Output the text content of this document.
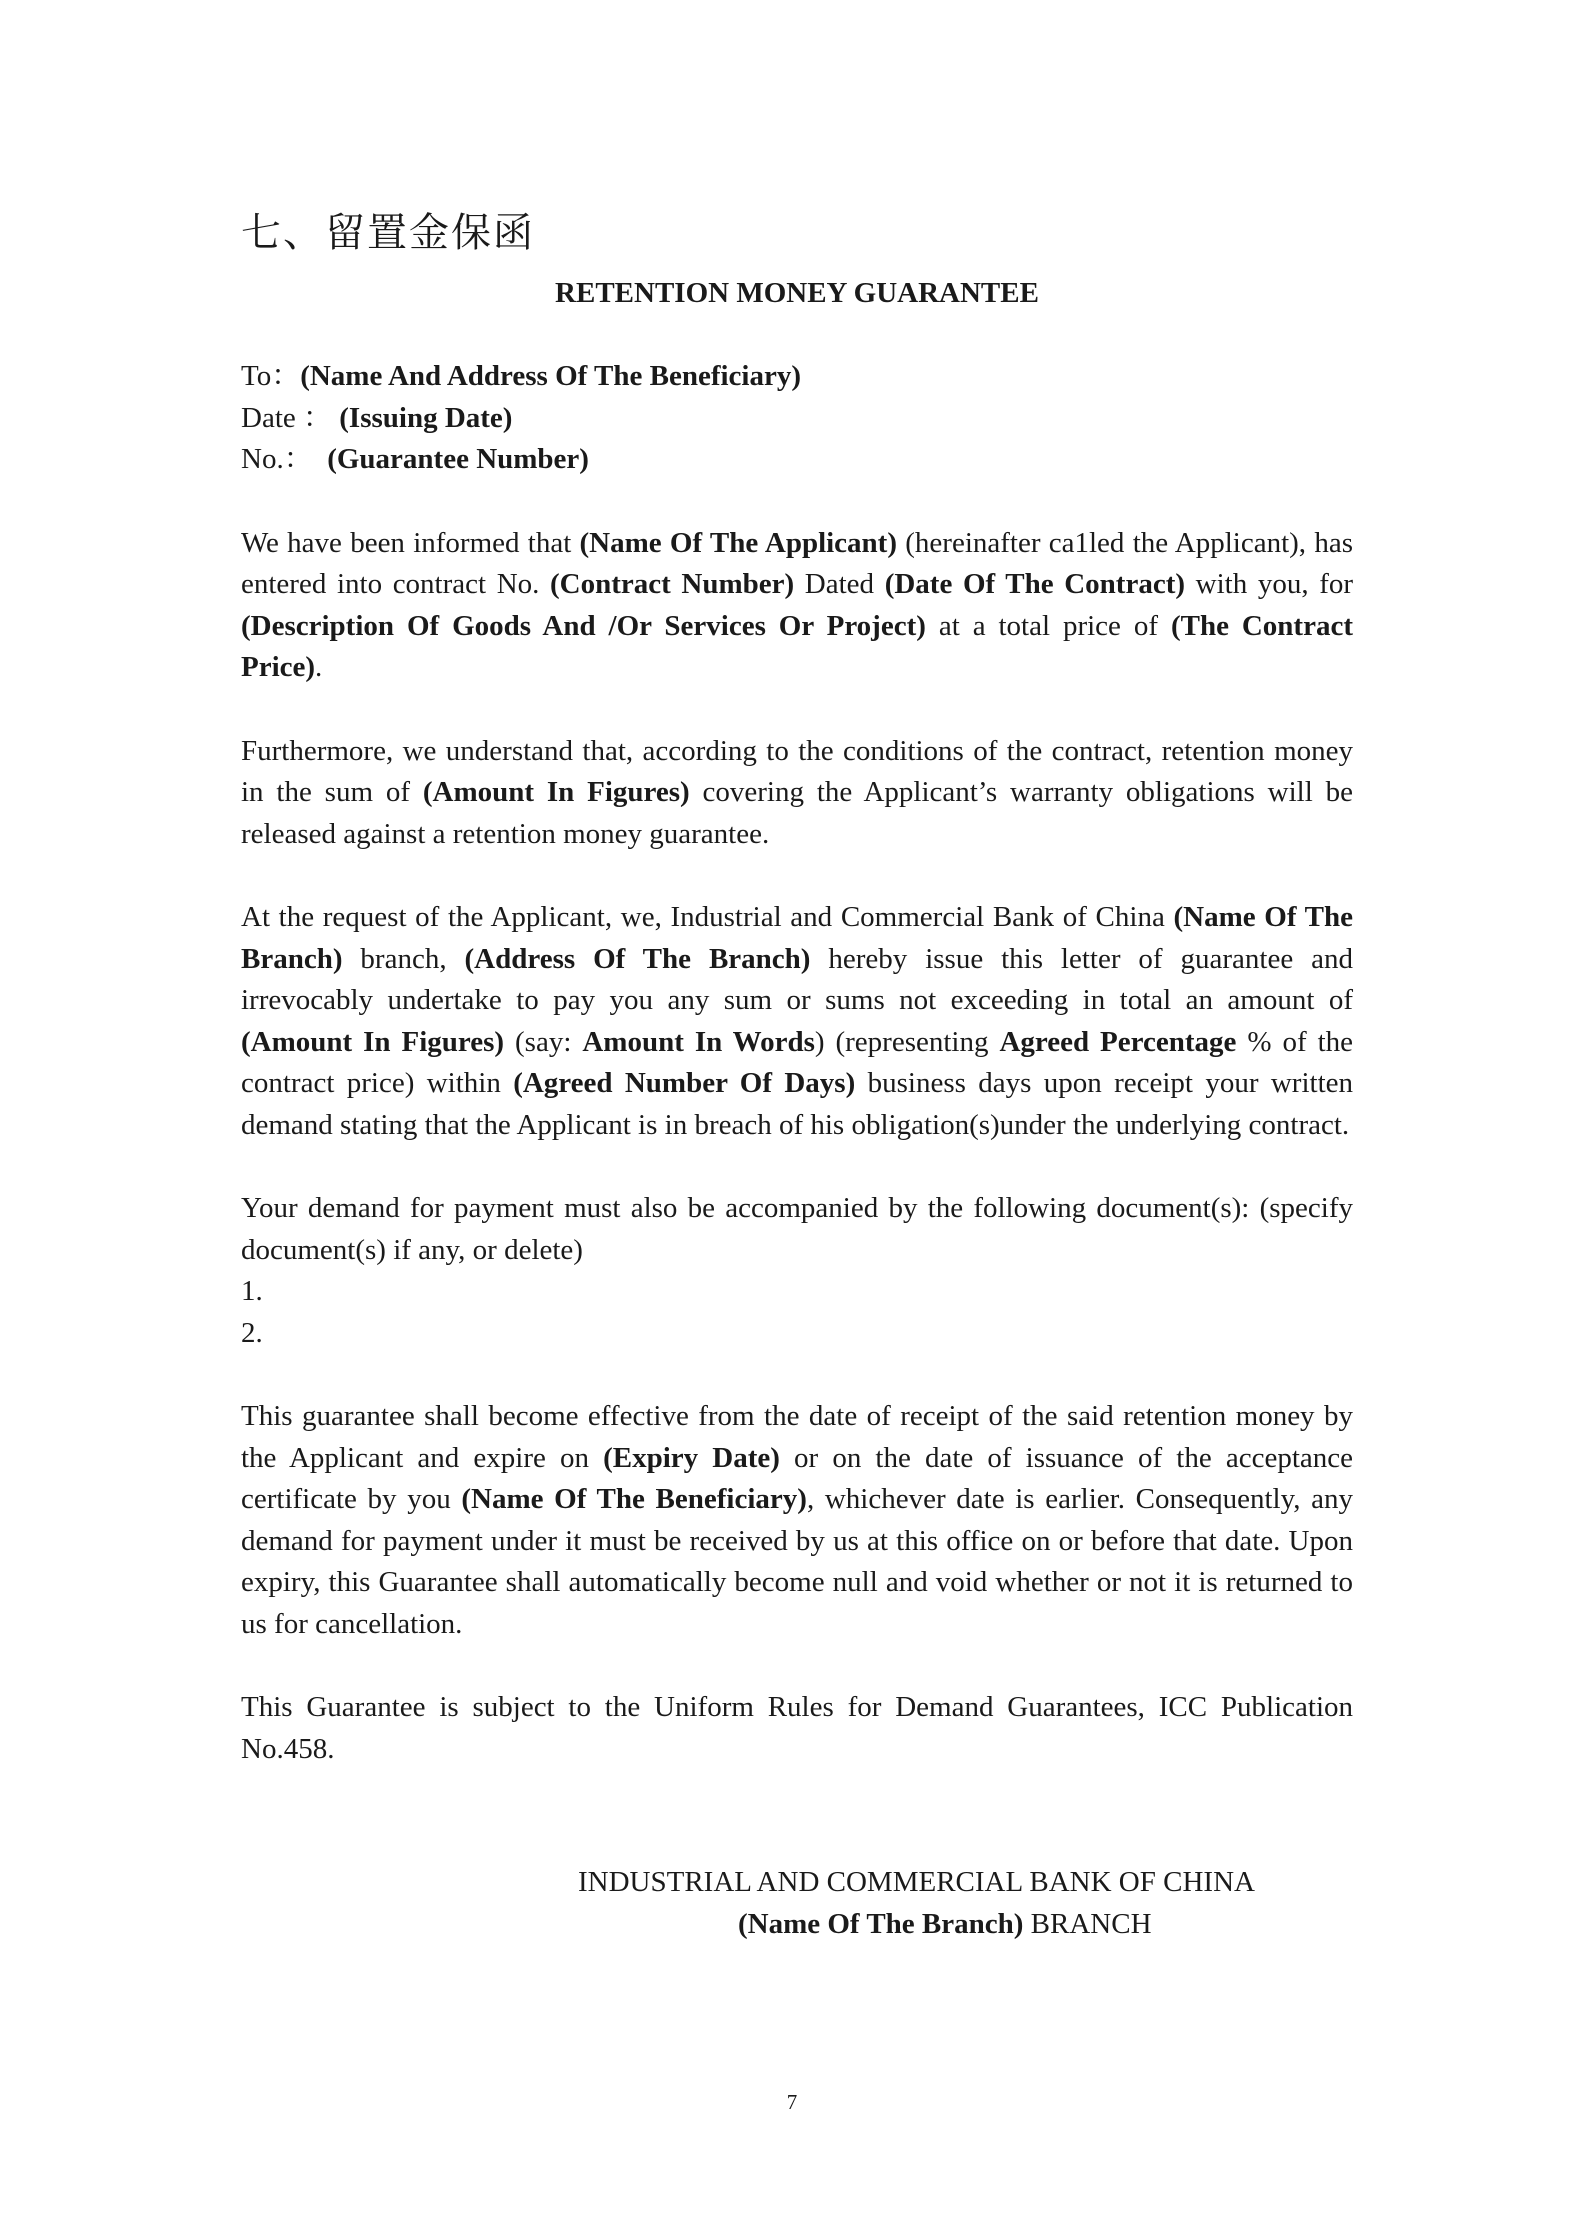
七、留置金保函
RETENTION MONEY GUARANTEE
To：(Name And Address Of The Beneficiary)
Date ： (Issuing Date)
No.： (Guarantee Number)

We have been informed that (Name Of The Applicant) (hereinafter ca1led the Applicant), has entered into contract No. (Contract Number) Dated (Date Of The Contract) with you, for (Description Of Goods And /Or Services Or Project) at a total price of (The Contract Price).

Furthermore, we understand that, according to the conditions of the contract, retention money in the sum of (Amount In Figures) covering the Applicant’s warranty obligations will be released against a retention money guarantee.

At the request of the Applicant, we, Industrial and Commercial Bank of China (Name Of The Branch) branch, (Address Of The Branch) hereby issue this letter of guarantee and irrevocably undertake to pay you any sum or sums not exceeding in total an amount of (Amount In Figures) (say: Amount In Words) (representing Agreed Percentage % of the contract price) within (Agreed Number Of Days) business days upon receipt your written demand stating that the Applicant is in breach of his obligation(s)under the underlying contract.

Your demand for payment must also be accompanied by the following document(s): (specify document(s) if any, or delete)
1.
2.

This guarantee shall become effective from the date of receipt of the said retention money by the Applicant and expire on (Expiry Date) or on the date of issuance of the acceptance certificate by you (Name Of The Beneficiary), whichever date is earlier. Consequently, any demand for payment under it must be received by us at this office on or before that date. Upon expiry, this Guarantee shall automatically become null and void whether or not it is returned to us for cancellation.

This Guarantee is subject to the Uniform Rules for Demand Guarantees, ICC Publication No.458.

INDUSTRIAL AND COMMERCIAL BANK OF CHINA
(Name Of The Branch) BRANCH
7
